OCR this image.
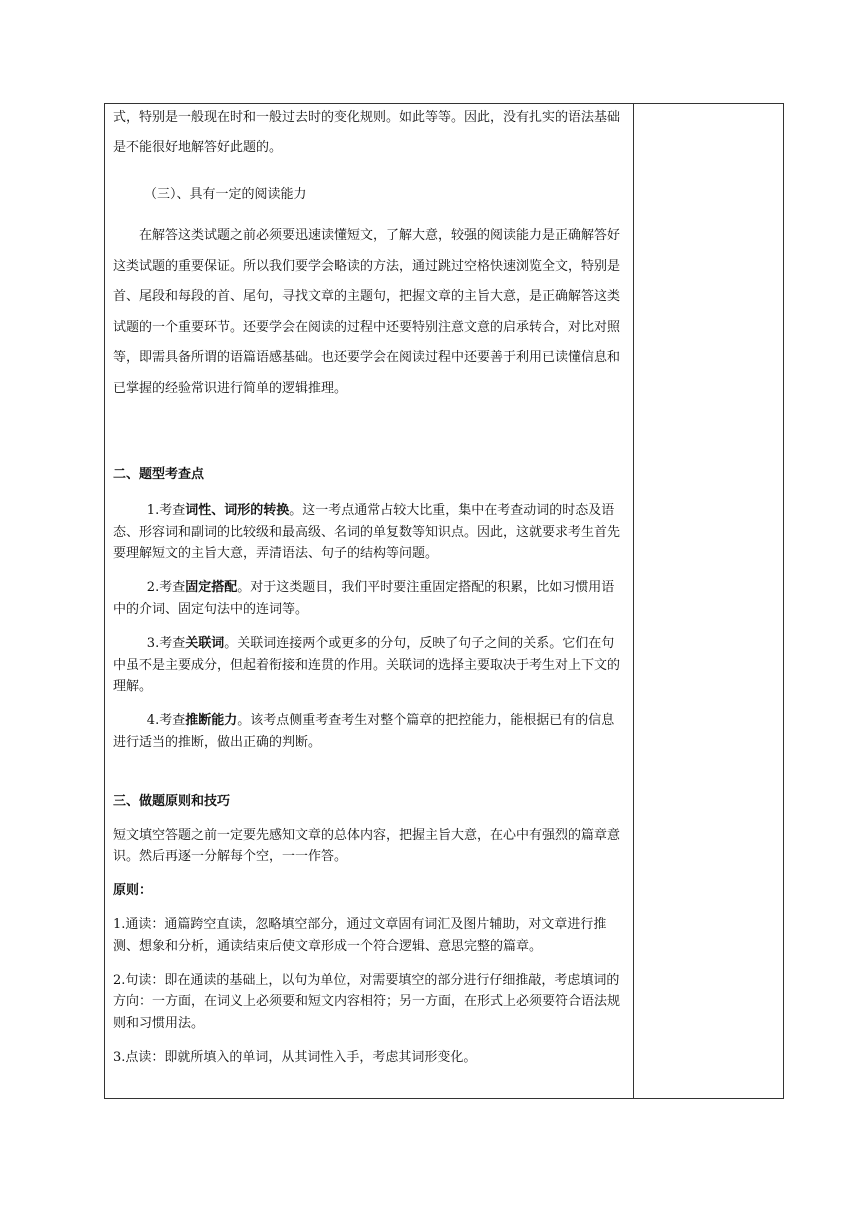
式，特别是一般现在时和一般过去时的变化规则。如此等等。因此，没有扎实的语法基础是不能很好地解答好此题的。

（三）、具有一定的阅读能力

在解答这类试题之前必须要迅速读懂短文，了解大意，较强的阅读能力是正确解答好这类试题的重要保证。所以我们要学会略读的方法，通过跳过空格快速浏览全文，特别是首、尾段和每段的首、尾句，寻找文章的主题句，把握文章的主旨大意，是正确解答这类试题的一个重要环节。还要学会在阅读的过程中还要特别注意文意的启承转合，对比对照等，即需具备所谓的语篇语感基础。也还要学会在阅读过程中还要善于利用已读懂信息和已掌握的经验常识进行简单的逻辑推理。

二、题型考查点

1.考查词性、词形的转换。这一考点通常占较大比重，集中在考查动词的时态及语态、形容词和副词的比较级和最高级、名词的单复数等知识点。因此，这就要求考生首先要理解短文的主旨大意，弄清语法、句子的结构等问题。

2.考查固定搭配。对于这类题目，我们平时要注重固定搭配的积累，比如习惯用语中的介词、固定句法中的连词等。

3.考查关联词。关联词连接两个或更多的分句，反映了句子之间的关系。它们在句中虽不是主要成分，但起着衔接和连贯的作用。关联词的选择主要取决于考生对上下文的理解。

4.考查推断能力。该考点侧重考查考生对整个篇章的把控能力，能根据已有的信息进行适当的推断，做出正确的判断。

三、做题原则和技巧

短文填空答题之前一定要先感知文章的总体内容，把握主旨大意，在心中有强烈的篇章意识。然后再逐一分解每个空，一一作答。

原则：

1.通读：通篇跨空直读，忽略填空部分，通过文章固有词汇及图片辅助，对文章进行推测、想象和分析，通读结束后使文章形成一个符合逻辑、意思完整的篇章。

2.句读：即在通读的基础上，以句为单位，对需要填空的部分进行仔细推敲，考虑填词的方向：一方面，在词义上必须要和短文内容相符；另一方面，在形式上必须要符合语法规则和习惯用法。

3.点读：即就所填入的单词，从其词性入手，考虑其词形变化。
